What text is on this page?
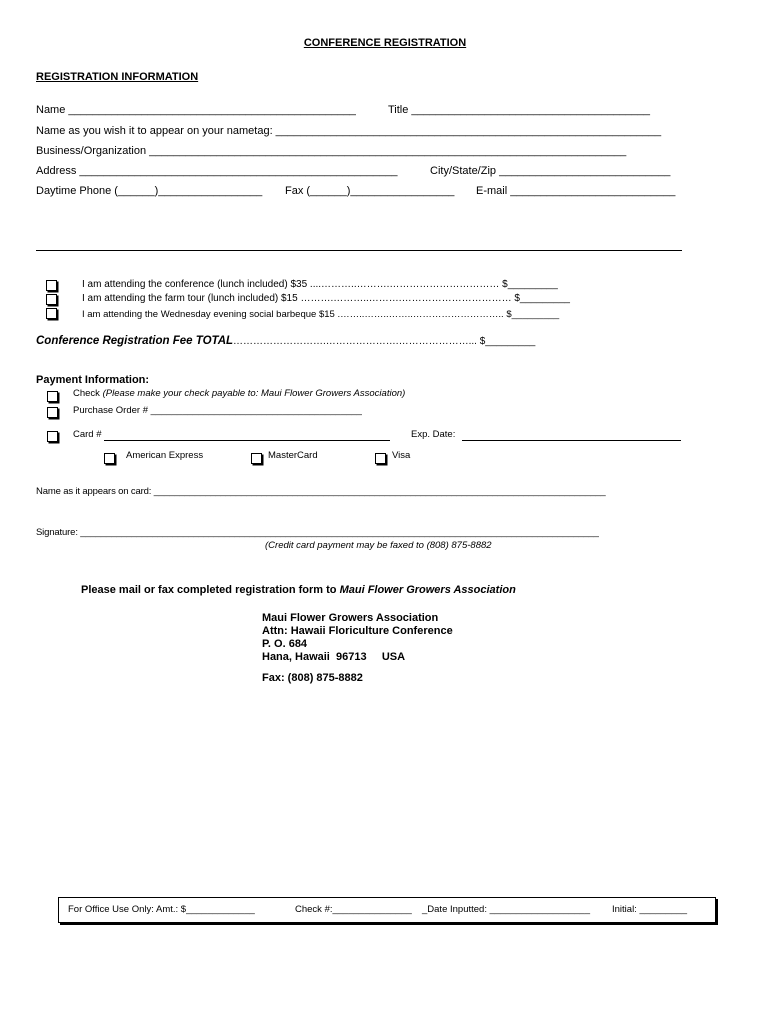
CONFERENCE REGISTRATION
REGISTRATION INFORMATION
Name _______________________________________________	Title _______________________________________
Name as you wish it to appear on your nametag: _______________________________________________________________
Business/Organization ______________________________________________________________________________
Address ____________________________________________________	City/State/Zip ____________________________
Daytime Phone (______)_________________ Fax (______)_________________ E-mail ___________________________
I am attending the conference (lunch included) $35 ....………..……….…………………………… $_________
I am attending the farm tour (lunch included) $15 ……….………..……….…………………………… $_________
I am attending the Wednesday evening social barbeque $15 .……..……..……..……………………….. $_________
Conference Registration Fee TOTAL……………………….………………….…………………... $_________
Payment Information:
Check (Please make your check payable to: Maui Flower Growers Association)
Purchase Order # ________________________________________
Card #	Exp. Date:
American Express	MasterCard	Visa
Name as it appears on card: ________________________________________________________________________________________
Signature: _____________________________________________________________________________________________________
(Credit card payment may be faxed to (808) 875-8882
Please mail or fax completed registration form to Maui Flower Growers Association
Maui Flower Growers Association
Attn: Hawaii Floriculture Conference
P. O. 684
Hana, Hawaii  96713     USA
Fax: (808) 875-8882
For Office Use Only: Amt.: $_____________	Check #:_______________ _Date Inputted: ___________________ Initial: _________
